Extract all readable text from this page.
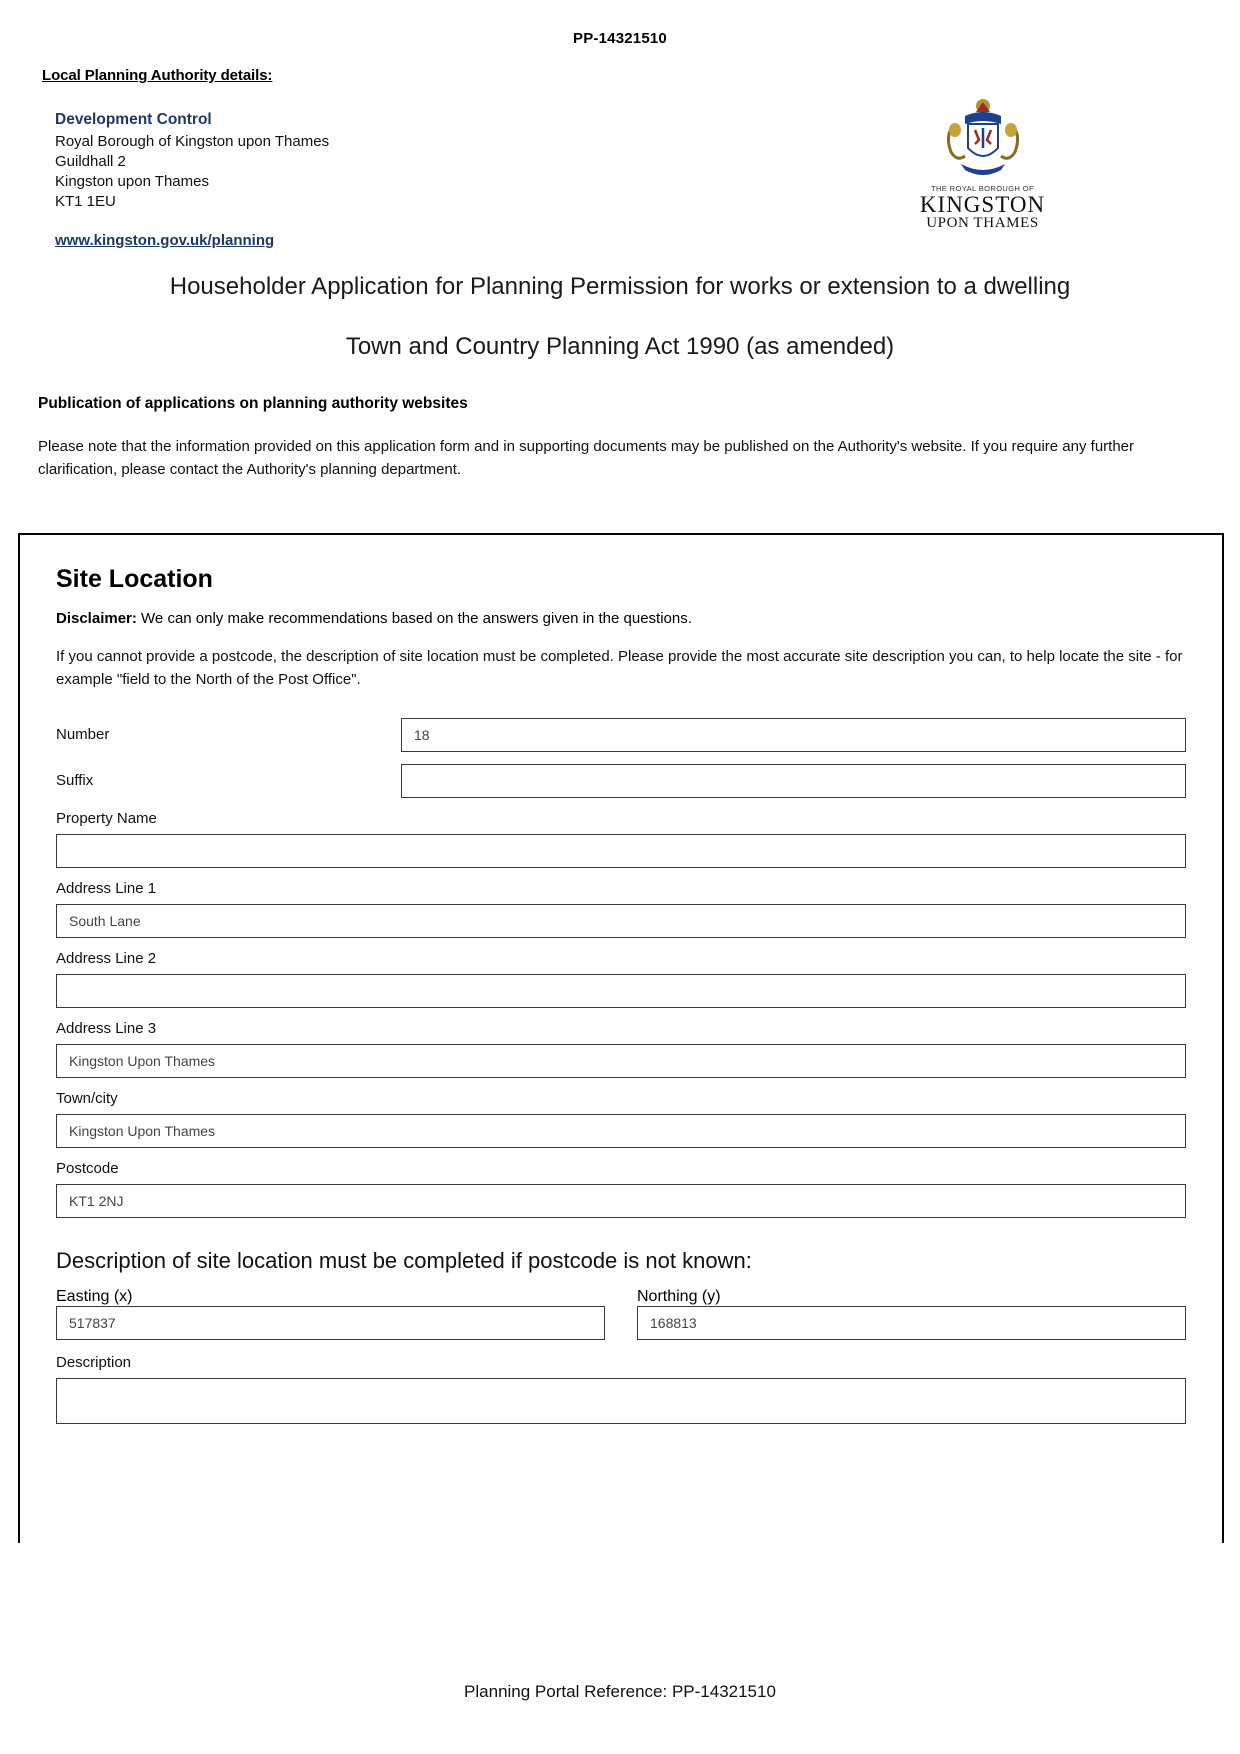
PP-14321510
Local Planning Authority details:
Development Control
Royal Borough of Kingston upon Thames
Guildhall 2
Kingston upon Thames
KT1 1EU
www.kingston.gov.uk/planning
THE ROYAL BOROUGH OF
KINGSTON
UPON THAMES
Householder Application for Planning Permission for works or extension to a dwelling
Town and Country Planning Act 1990 (as amended)
Publication of applications on planning authority websites
Please note that the information provided on this application form and in supporting documents may be published on the Authority's website. If you require any further clarification, please contact the Authority's planning department.
Site Location
Disclaimer: We can only make recommendations based on the answers given in the questions.
If you cannot provide a postcode, the description of site location must be completed. Please provide the most accurate site description you can, to help locate the site - for example "field to the North of the Post Office".
Number	18
Suffix
Property Name
Address Line 1
South Lane
Address Line 2
Address Line 3
Kingston Upon Thames
Town/city
Kingston Upon Thames
Postcode
KT1 2NJ
Description of site location must be completed if postcode is not known:
Easting (x)
517837
Northing (y)
168813
Description
Planning Portal Reference: PP-14321510
